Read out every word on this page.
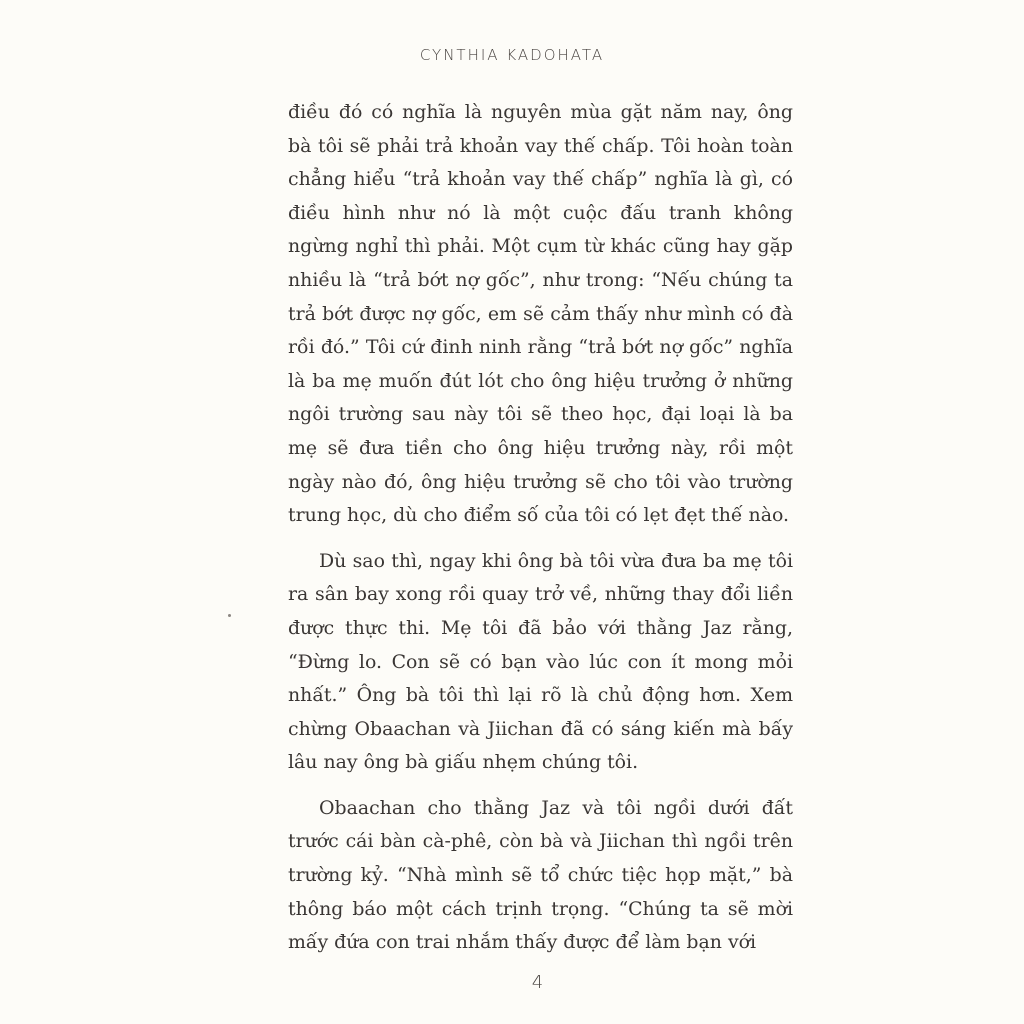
CYNTHIA KADOHATA

điều đó có nghĩa là nguyên mùa gặt năm nay, ông bà tôi sẽ phải trả khoản vay thế chấp. Tôi hoàn toàn chẳng hiểu “trả khoản vay thế chấp” nghĩa là gì, có điều hình như nó là một cuộc đấu tranh không ngừng nghỉ thì phải. Một cụm từ khác cũng hay gặp nhiều là “trả bớt nợ gốc”, như trong: “Nếu chúng ta trả bớt được nợ gốc, em sẽ cảm thấy như mình có đà rồi đó.” Tôi cứ đinh ninh rằng “trả bớt nợ gốc” nghĩa là ba mẹ muốn đút lót cho ông hiệu trưởng ở những ngôi trường sau này tôi sẽ theo học, đại loại là ba mẹ sẽ đưa tiền cho ông hiệu trưởng này, rồi một ngày nào đó, ông hiệu trưởng sẽ cho tôi vào trường trung học, dù cho điểm số của tôi có lẹt đẹt thế nào.

Dù sao thì, ngay khi ông bà tôi vừa đưa ba mẹ tôi ra sân bay xong rồi quay trở về, những thay đổi liền được thực thi. Mẹ tôi đã bảo với thằng Jaz rằng, “Đừng lo. Con sẽ có bạn vào lúc con ít mong mỏi nhất.” Ông bà tôi thì lại rõ là chủ động hơn. Xem chừng Obaachan và Jiichan đã có sáng kiến mà bấy lâu nay ông bà giấu nhẹm chúng tôi.

Obaachan cho thằng Jaz và tôi ngồi dưới đất trước cái bàn cà-phê, còn bà và Jiichan thì ngồi trên trường kỷ. “Nhà mình sẽ tổ chức tiệc họp mặt,” bà thông báo một cách trịnh trọng. “Chúng ta sẽ mời mấy đứa con trai nhắm thấy được để làm bạn với

4
